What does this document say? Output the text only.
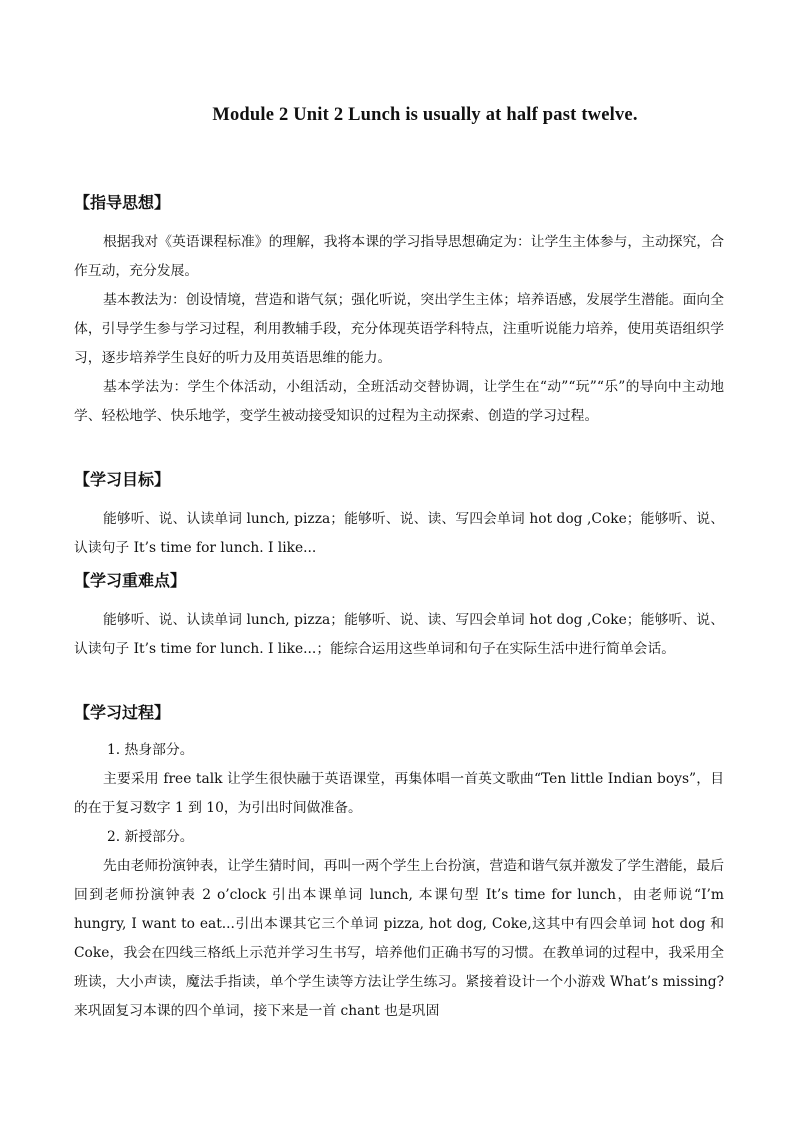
Module 2 Unit 2 Lunch is usually at half past twelve.
【指导思想】
根据我对《英语课程标准》的理解，我将本课的学习指导思想确定为：让学生主体参与，主动探究，合作互动，充分发展。
基本教法为：创设情境，营造和谐气氛；强化听说，突出学生主体；培养语感，发展学生潜能。面向全体，引导学生参与学习过程，利用教辅手段，充分体现英语学科特点，注重听说能力培养，使用英语组织学习，逐步培养学生良好的听力及用英语思维的能力。
基本学法为：学生个体活动，小组活动，全班活动交替协调，让学生在“动”“玩”“乐”的导向中主动地学、轻松地学、快乐地学，变学生被动接受知识的过程为主动探索、创造的学习过程。
【学习目标】
能够听、说、认读单词 lunch, pizza；能够听、说、读、写四会单词 hot dog ,Coke；能够听、说、认读句子 It’s time for lunch. I like...
【学习重难点】
能够听、说、认读单词 lunch, pizza；能够听、说、读、写四会单词 hot dog ,Coke；能够听、说、认读句子 It’s time for lunch. I like...；能综合运用这些单词和句子在实际生活中进行简单会话。
【学习过程】
1. 热身部分。
主要采用 free talk 让学生很快融于英语课堂，再集体唱一首英文歌曲“Ten little Indian boys”，目的在于复习数字 1 到 10，为引出时间做准备。
2. 新授部分。
先由老师扮演钟表，让学生猜时间，再叫一两个学生上台扮演，营造和谐气氛并激发了学生潜能，最后回到老师扮演钟表 2 o’clock 引出本课单词 lunch, 本课句型 It’s time for lunch，由老师说“I’m hungry, I want to eat...引出本课其它三个单词 pizza, hot dog, Coke,这其中有四会单词 hot dog 和 Coke，我会在四线三格纸上示范并学习生书写，培养他们正确书写的习惯。在教单词的过程中，我采用全班读，大小声读，魔法手指读，单个学生读等方法让学生练习。紧接着设计一个小游戏 What’s missing? 来巩固复习本课的四个单词，接下来是一首 chant 也是巩固
